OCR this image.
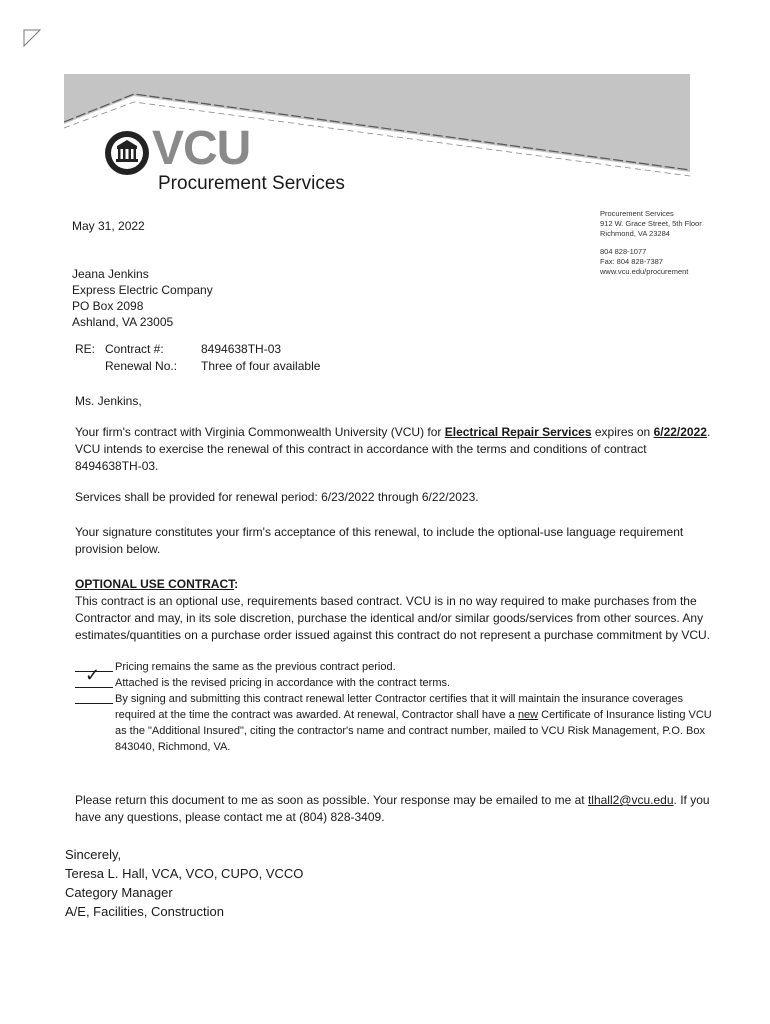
VCU
Procurement Services
Procurement Services
912 W. Grace Street, 5th Floor
Richmond, VA 23284
804 828-1077
Fax: 804 828-7387
www.vcu.edu/procurement
May 31, 2022
Jeana Jenkins
Express Electric Company
PO Box 2098
Ashland, VA 23005
RE: Contract #:	8494638TH-03
Renewal No.:	Three of four available
Ms. Jenkins,
Your firm's contract with Virginia Commonwealth University (VCU) for Electrical Repair Services expires on 6/22/2022. VCU intends to exercise the renewal of this contract in accordance with the terms and conditions of contract 8494638TH-03.
Services shall be provided for renewal period: 6/23/2022 through 6/22/2023.
Your signature constitutes your firm's acceptance of this renewal, to include the optional-use language requirement provision below.
OPTIONAL USE CONTRACT:
This contract is an optional use, requirements based contract. VCU is in no way required to make purchases from the Contractor and may, in its sole discretion, purchase the identical and/or similar goods/services from other sources. Any estimates/quantities on a purchase order issued against this contract do not represent a purchase commitment by VCU.
Pricing remains the same as the previous contract period.
✓ Attached is the revised pricing in accordance with the contract terms.
By signing and submitting this contract renewal letter Contractor certifies that it will maintain the insurance coverages required at the time the contract was awarded. At renewal, Contractor shall have a new Certificate of Insurance listing VCU as the "Additional Insured", citing the contractor's name and contract number, mailed to VCU Risk Management, P.O. Box 843040, Richmond, VA.
Please return this document to me as soon as possible. Your response may be emailed to me at tlhall2@vcu.edu. If you have any questions, please contact me at (804) 828-3409.
Sincerely,
Teresa L. Hall, VCA, VCO, CUPO, VCCO
Category Manager
A/E, Facilities, Construction
